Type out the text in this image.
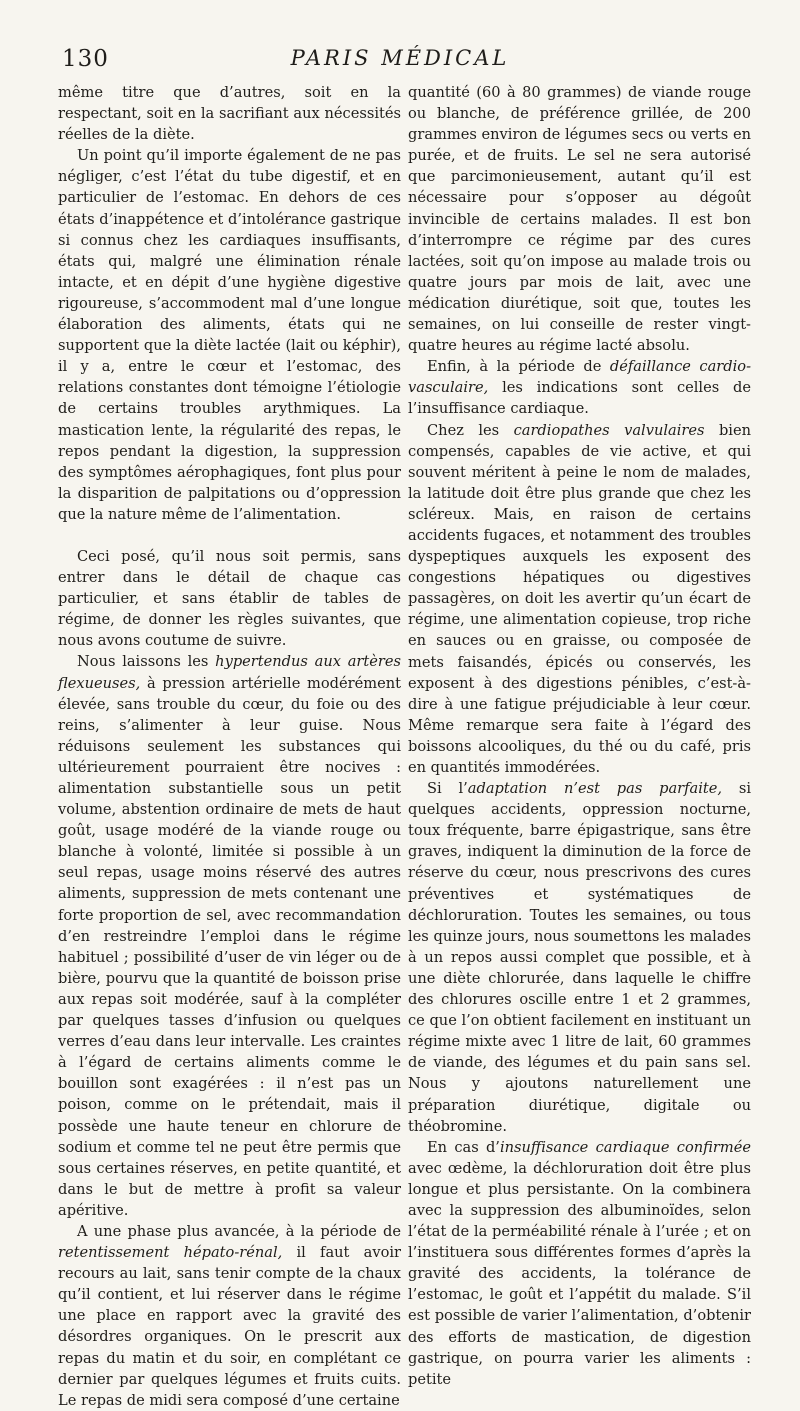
130	PARIS MÉDICAL

même titre que d’autres, soit en la respectant, soit en la sacrifiant aux nécessités réelles de la diète.

Un point qu’il importe également de ne pas négliger, c’est l’état du tube digestif, et en particulier de l’estomac. En dehors de ces états d’inappétence et d’intolérance gastrique si connus chez les cardiaques insuffisants, états qui, malgré une élimination rénale intacte, et en dépit d’une hygiène digestive rigoureuse, s’accommodent mal d’une longue élaboration des aliments, états qui ne supportent que la diète lactée (lait ou képhir), il y a, entre le cœur et l’estomac, des relations constantes dont témoigne l’étiologie de certains troubles arythmiques. La mastication lente, la régularité des repas, le repos pendant la digestion, la suppression des symptômes aérophagiques, font plus pour la disparition de palpitations ou d’oppression que la nature même de l’alimentation.

Ceci posé, qu’il nous soit permis, sans entrer dans le détail de chaque cas particulier, et sans établir de tables de régime, de donner les règles suivantes, que nous avons coutume de suivre.

Nous laissons les hypertendus aux artères flexueuses, à pression artérielle modérément élevée, sans trouble du cœur, du foie ou des reins, s’alimenter à leur guise. Nous réduisons seulement les substances qui ultérieurement pourraient être nocives : alimentation substantielle sous un petit volume, abstention ordinaire de mets de haut goût, usage modéré de la viande rouge ou blanche à volonté, limitée si possible à un seul repas, usage moins réservé des autres aliments, suppression de mets contenant une forte proportion de sel, avec recommandation d’en restreindre l’emploi dans le régime habituel ; possibilité d’user de vin léger ou de bière, pourvu que la quantité de boisson prise aux repas soit modérée, sauf à la compléter par quelques tasses d’infusion ou quelques verres d’eau dans leur intervalle. Les craintes à l’égard de certains aliments comme le bouillon sont exagérées : il n’est pas un poison, comme on le prétendait, mais il possède une haute teneur en chlorure de sodium et comme tel ne peut être permis que sous certaines réserves, en petite quantité, et dans le but de mettre à profit sa valeur apéritive.

A une phase plus avancée, à la période de retentissement hépato-rénal, il faut avoir recours au lait, sans tenir compte de la chaux qu’il contient, et lui réserver dans le régime une place en rapport avec la gravité des désordres organiques. On le prescrit aux repas du matin et du soir, en complétant ce dernier par quelques légumes et fruits cuits. Le repas de midi sera composé d’une certaine

quantité (60 à 80 grammes) de viande rouge ou blanche, de préférence grillée, de 200 grammes environ de légumes secs ou verts en purée, et de fruits. Le sel ne sera autorisé que parcimonieusement, autant qu’il est nécessaire pour s’opposer au dégoût invincible de certains malades. Il est bon d’interrompre ce régime par des cures lactées, soit qu’on impose au malade trois ou quatre jours par mois de lait, avec une médication diurétique, soit que, toutes les semaines, on lui conseille de rester vingt-quatre heures au régime lacté absolu.

Enfin, à la période de défaillance cardio-vasculaire, les indications sont celles de l’insuffisance cardiaque.

Chez les cardiopathes valvulaires bien compensés, capables de vie active, et qui souvent méritent à peine le nom de malades, la latitude doit être plus grande que chez les scléreux. Mais, en raison de certains accidents fugaces, et notamment des troubles dyspeptiques auxquels les exposent des congestions hépatiques ou digestives passagères, on doit les avertir qu’un écart de régime, une alimentation copieuse, trop riche en sauces ou en graisse, ou composée de mets faisandés, épicés ou conservés, les exposent à des digestions pénibles, c’est-à-dire à une fatigue préjudiciable à leur cœur. Même remarque sera faite à l’égard des boissons alcooliques, du thé ou du café, pris en quantités immodérées.

Si l’adaptation n’est pas parfaite, si quelques accidents, oppression nocturne, toux fréquente, barre épigastrique, sans être graves, indiquent la diminution de la force de réserve du cœur, nous prescrivons des cures préventives et systématiques de déchloruration. Toutes les semaines, ou tous les quinze jours, nous soumettons les malades à un repos aussi complet que possible, et à une diète chlorurée, dans laquelle le chiffre des chlorures oscille entre 1 et 2 grammes, ce que l’on obtient facilement en instituant un régime mixte avec 1 litre de lait, 60 grammes de viande, des légumes et du pain sans sel. Nous y ajoutons naturellement une préparation diurétique, digitale ou théobromine.

En cas d’insuffisance cardiaque confirmée avec œdème, la déchloruration doit être plus longue et plus persistante. On la combinera avec la suppression des albuminoïdes, selon l’état de la perméabilité rénale à l’urée ; et on l’instituera sous différentes formes d’après la gravité des accidents, la tolérance de l’estomac, le goût et l’appétit du malade. S’il est possible de varier l’alimentation, d’obtenir des efforts de mastication, de digestion gastrique, on pourra varier les aliments : petite
